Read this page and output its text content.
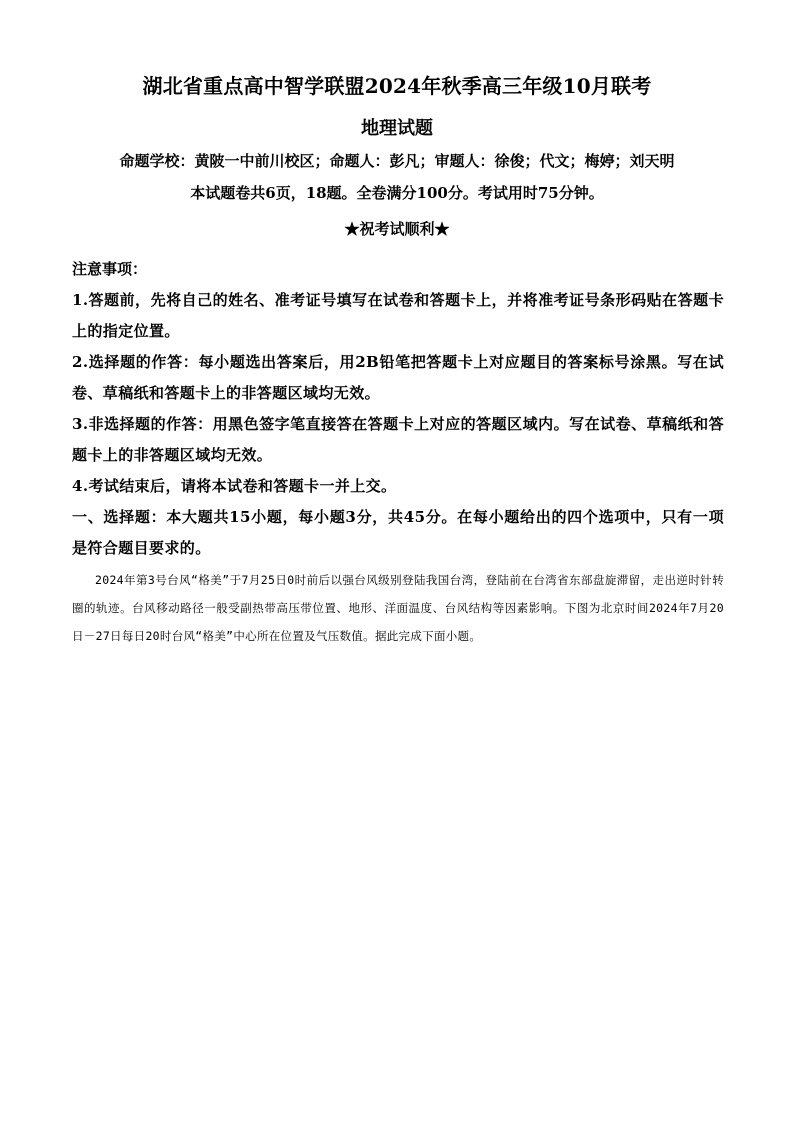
湖北省重点高中智学联盟2024年秋季高三年级10月联考
地理试题
命题学校：黄陂一中前川校区；命题人：彭凡；审题人：徐俊；代文；梅婷；刘天明
本试题卷共6页，18题。全卷满分100分。考试用时75分钟。
★祝考试顺利★

注意事项：

1.答题前，先将自己的姓名、准考证号填写在试卷和答题卡上，并将准考证号条形码贴在答题卡上的指定位置。

2.选择题的作答：每小题选出答案后，用2B铅笔把答题卡上对应题目的答案标号涂黑。写在试卷、草稿纸和答题卡上的非答题区域均无效。

3.非选择题的作答：用黑色签字笔直接答在答题卡上对应的答题区域内。写在试卷、草稿纸和答题卡上的非答题区域均无效。

4.考试结束后，请将本试卷和答题卡一并上交。

一、选择题：本大题共15小题，每小题3分，共45分。在每小题给出的四个选项中，只有一项是符合题目要求的。
2024年第3号台风“格美”于7月25日0时前后以强台风级别登陆我国台湾，登陆前在台湾省东部盘旋滞留，走出逆时针转圈的轨迹。台风移动路径一般受副热带高压带位置、地形、洋面温度、台风结构等因素影响。下图为北京时间2024年7月20日－27日每日20时台风“格美”中心所在位置及气压数值。据此完成下面小题。
